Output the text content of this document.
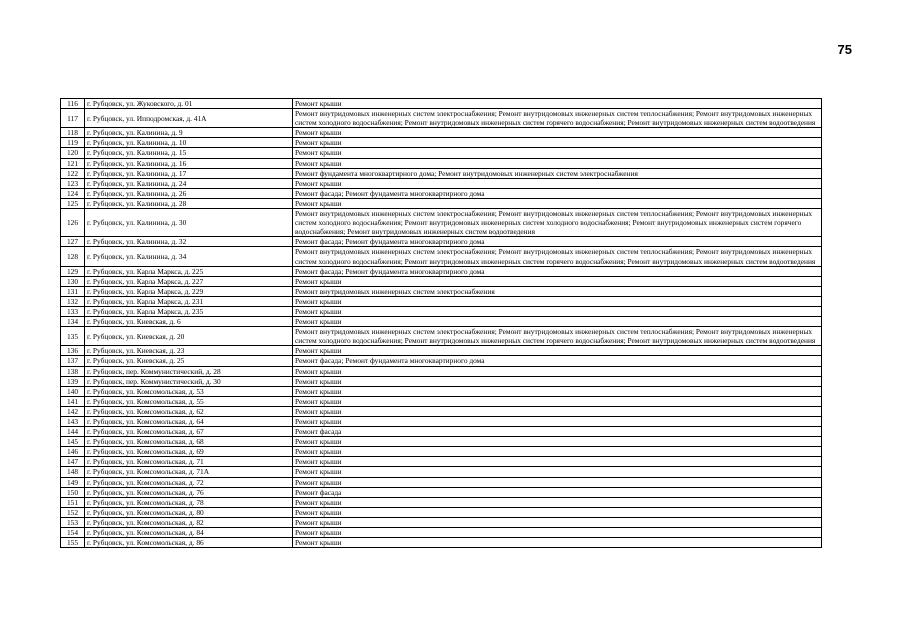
75
116	г. Рубцовск, ул. Жуковского, д. 01	Ремонт крыши
117	г. Рубцовск, ул. Ипподромская, д. 41А	Ремонт внутридомовых инженерных систем электроснабжения; Ремонт внутридомовых инженерных систем теплоснабжения; Ремонт внутридомовых инженерных систем холодного водоснабжения; Ремонт внутридомовых инженерных систем горячего водоснабжения; Ремонт внутридомовых инженерных систем водоотведения
118	г. Рубцовск, ул. Калинина, д. 9	Ремонт крыши
119	г. Рубцовск, ул. Калинина, д. 10	Ремонт крыши
120	г. Рубцовск, ул. Калинина, д. 15	Ремонт крыши
121	г. Рубцовск, ул. Калинина, д. 16	Ремонт крыши
122	г. Рубцовск, ул. Калинина, д. 17	Ремонт фундамента многоквартирного дома; Ремонт внутридомовых инженерных систем электроснабжения
123	г. Рубцовск, ул. Калинина, д. 24	Ремонт крыши
124	г. Рубцовск, ул. Калинина, д. 26	Ремонт фасада; Ремонт фундамента многоквартирного дома
125	г. Рубцовск, ул. Калинина, д. 28	Ремонт крыши
126	г. Рубцовск, ул. Калинина, д. 30	Ремонт внутридомовых инженерных систем электроснабжения; Ремонт внутридомовых инженерных систем теплоснабжения; Ремонт внутридомовых инженерных систем холодного водоснабжения; Ремонт внутридомовых инженерных систем холодного водоснабжения; Ремонт внутридомовых инженерных систем горячего водоснабжения; Ремонт внутридомовых инженерных систем водоотведения
127	г. Рубцовск, ул. Калинина, д. 32	Ремонт фасада; Ремонт фундамента многоквартирного дома
128	г. Рубцовск, ул. Калинина, д. 34	Ремонт внутридомовых инженерных систем электроснабжения; Ремонт внутридомовых инженерных систем теплоснабжения; Ремонт внутридомовых инженерных систем холодного водоснабжения; Ремонт внутридомовых инженерных систем горячего водоснабжения; Ремонт внутридомовых инженерных систем водоотведения
129	г. Рубцовск, ул. Карла Маркса, д. 225	Ремонт фасада; Ремонт фундамента многоквартирного дома
130	г. Рубцовск, ул. Карла Маркса, д. 227	Ремонт крыши
131	г. Рубцовск, ул. Карла Маркса, д. 229	Ремонт внутридомовых инженерных систем электроснабжения
132	г. Рубцовск, ул. Карла Маркса, д. 231	Ремонт крыши
133	г. Рубцовск, ул. Карла Маркса, д. 235	Ремонт крыши
134	г. Рубцовск, ул. Киевская, д. 6	Ремонт крыши
135	г. Рубцовск, ул. Киевская, д. 20	Ремонт внутридомовых инженерных систем электроснабжения; Ремонт внутридомовых инженерных систем теплоснабжения; Ремонт внутридомовых инженерных систем холодного водоснабжения; Ремонт внутридомовых инженерных систем горячего водоснабжения; Ремонт внутридомовых инженерных систем водоотведения
136	г. Рубцовск, ул. Киевская, д. 23	Ремонт крыши
137	г. Рубцовск, ул. Киевская, д. 25	Ремонт фасада; Ремонт фундамента многоквартирного дома
138	г. Рубцовск, пер. Коммунистический, д. 28	Ремонт крыши
139	г. Рубцовск, пер. Коммунистический, д. 30	Ремонт крыши
140	г. Рубцовск, ул. Комсомольская, д. 53	Ремонт крыши
141	г. Рубцовск, ул. Комсомольская, д. 55	Ремонт крыши
142	г. Рубцовск, ул. Комсомольская, д. 62	Ремонт крыши
143	г. Рубцовск, ул. Комсомольская, д. 64	Ремонт крыши
144	г. Рубцовск, ул. Комсомольская, д. 67	Ремонт фасада
145	г. Рубцовск, ул. Комсомольская, д. 68	Ремонт крыши
146	г. Рубцовск, ул. Комсомольская, д. 69	Ремонт крыши
147	г. Рубцовск, ул. Комсомольская, д. 71	Ремонт крыши
148	г. Рубцовск, ул. Комсомольская, д. 71А	Ремонт крыши
149	г. Рубцовск, ул. Комсомольская, д. 72	Ремонт крыши
150	г. Рубцовск, ул. Комсомольская, д. 76	Ремонт фасада
151	г. Рубцовск, ул. Комсомольская, д. 78	Ремонт крыши
152	г. Рубцовск, ул. Комсомольская, д. 80	Ремонт крыши
153	г. Рубцовск, ул. Комсомольская, д. 82	Ремонт крыши
154	г. Рубцовск, ул. Комсомольская, д. 84	Ремонт крыши
155	г. Рубцовск, ул. Комсомольская, д. 86	Ремонт крыши
